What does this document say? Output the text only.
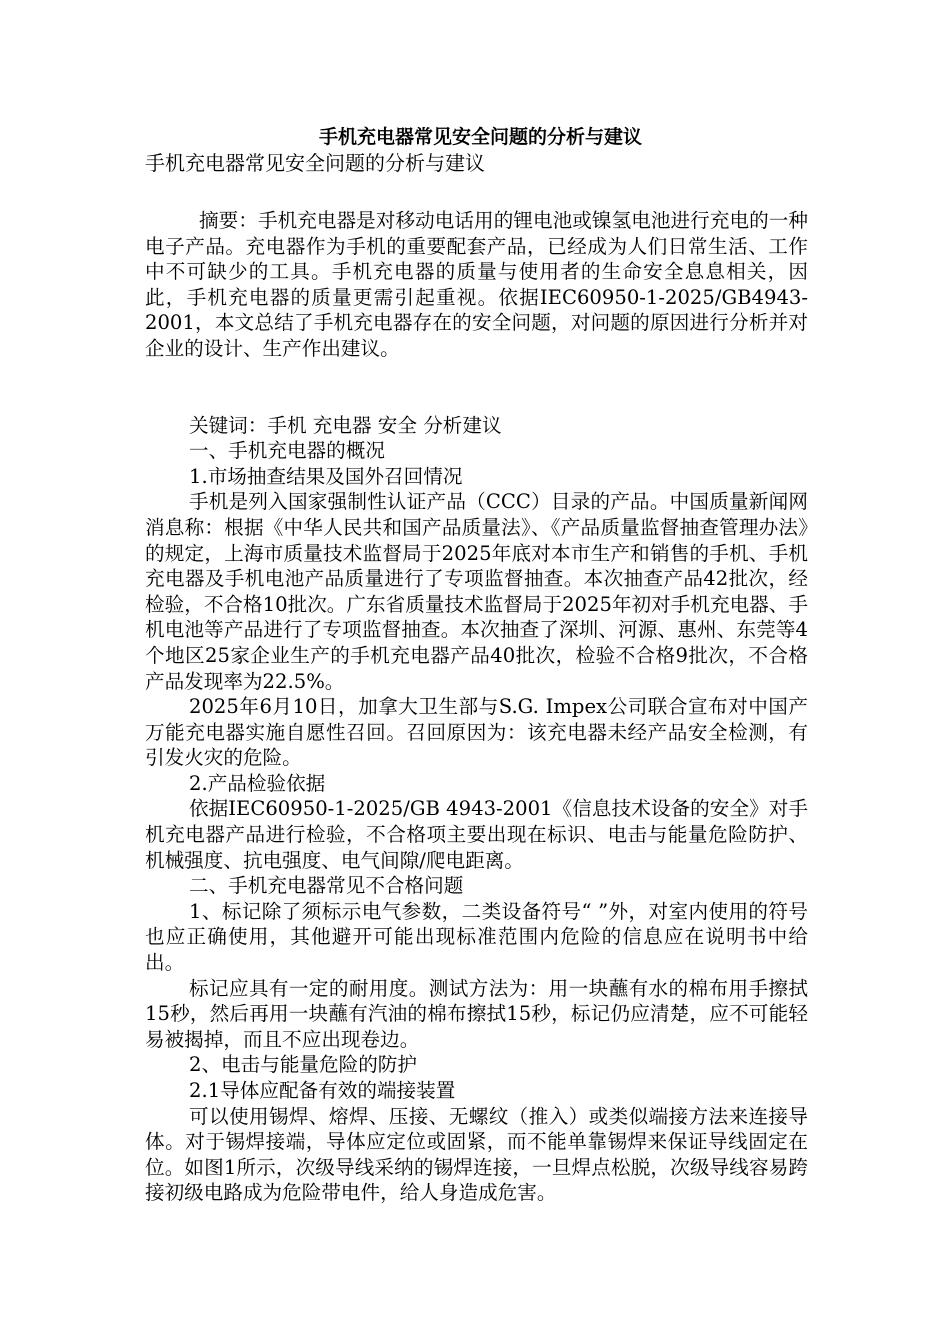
手机充电器常见安全问题的分析与建议

手机充电器常见安全问题的分析与建议

摘要：手机充电器是对移动电话用的锂电池或镍氢电池进行充电的一种电子产品。充电器作为手机的重要配套产品，已经成为人们日常生活、工作中不可缺少的工具。手机充电器的质量与使用者的生命安全息息相关，因此，手机充电器的质量更需引起重视。依据IEC60950-1-2025/GB4943-2001，本文总结了手机充电器存在的安全问题，对问题的原因进行分析并对企业的设计、生产作出建议。

关键词：手机 充电器 安全 分析建议

一、手机充电器的概况

1.市场抽查结果及国外召回情况

手机是列入国家强制性认证产品（CCC）目录的产品。中国质量新闻网消息称：根据《中华人民共和国产品质量法》、《产品质量监督抽查管理办法》的规定，上海市质量技术监督局于2025年底对本市生产和销售的手机、手机充电器及手机电池产品质量进行了专项监督抽查。本次抽查产品42批次，经检验，不合格10批次。广东省质量技术监督局于2025年初对手机充电器、手机电池等产品进行了专项监督抽查。本次抽查了深圳、河源、惠州、东莞等4个地区25家企业生产的手机充电器产品40批次，检验不合格9批次，不合格产品发现率为22.5%。

2025年6月10日，加拿大卫生部与S.G. Impex公司联合宣布对中国产万能充电器实施自愿性召回。召回原因为：该充电器未经产品安全检测，有引发火灾的危险。

2.产品检验依据

依据IEC60950-1-2025/GB 4943-2001《信息技术设备的安全》对手机充电器产品进行检验，不合格项主要出现在标识、电击与能量危险防护、机械强度、抗电强度、电气间隙/爬电距离。

二、手机充电器常见不合格问题

1、标记除了须标示电气参数，二类设备符号“ ”外，对室内使用的符号 也应正确使用，其他避开可能出现标准范围内危险的信息应在说明书中给出。

标记应具有一定的耐用度。测试方法为：用一块蘸有水的棉布用手擦拭15秒，然后再用一块蘸有汽油的棉布擦拭15秒，标记仍应清楚，应不可能轻易被揭掉，而且不应出现卷边。

2、电击与能量危险的防护

2.1导体应配备有效的端接装置

可以使用锡焊、熔焊、压接、无螺纹（推入）或类似端接方法来连接导体。对于锡焊接端，导体应定位或固紧，而不能单靠锡焊来保证导线固定在位。如图1所示，次级导线采纳的锡焊连接，一旦焊点松脱，次级导线容易跨接初级电路成为危险带电件，给人身造成危害。
